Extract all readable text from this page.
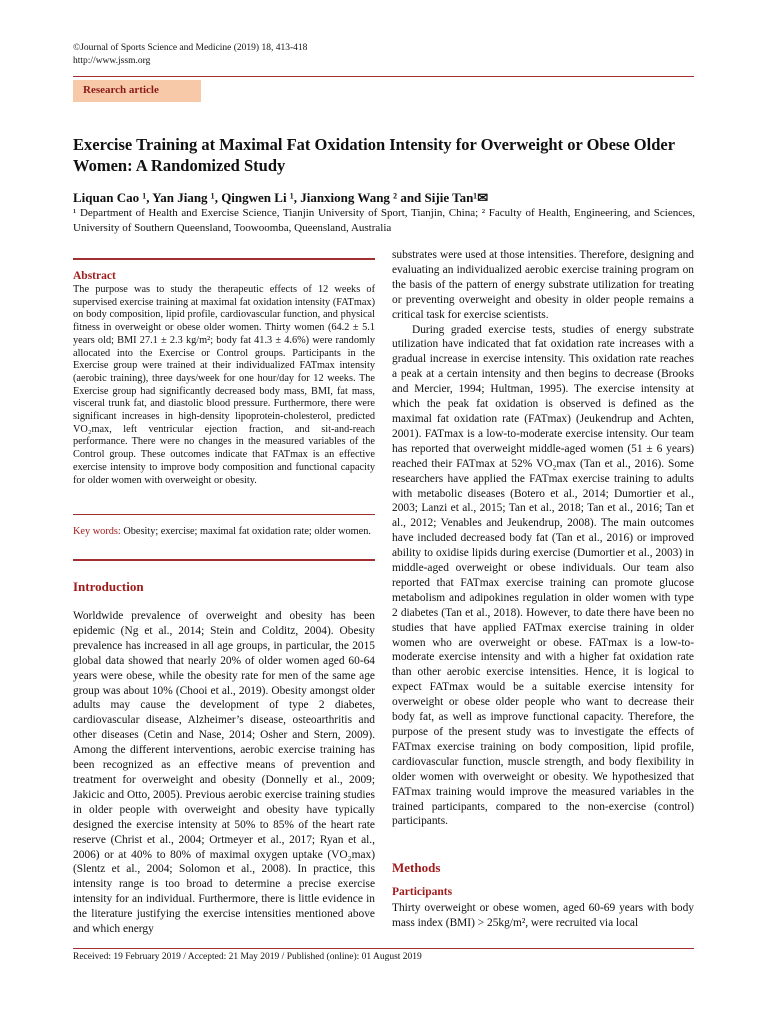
©Journal of Sports Science and Medicine (2019) 18, 413-418
http://www.jssm.org
Research article
Exercise Training at Maximal Fat Oxidation Intensity for Overweight or Obese Older Women: A Randomized Study
Liquan Cao ¹, Yan Jiang ¹, Qingwen Li ¹, Jianxiong Wang ² and Sijie Tan¹✉
¹ Department of Health and Exercise Science, Tianjin University of Sport, Tianjin, China; ² Faculty of Health, Engineering, and Sciences, University of Southern Queensland, Toowoomba, Queensland, Australia
Abstract
The purpose was to study the therapeutic effects of 12 weeks of supervised exercise training at maximal fat oxidation intensity (FATmax) on body composition, lipid profile, cardiovascular function, and physical fitness in overweight or obese older women. Thirty women (64.2 ± 5.1 years old; BMI 27.1 ± 2.3 kg/m²; body fat 41.3 ± 4.6%) were randomly allocated into the Exercise or Control groups. Participants in the Exercise group were trained at their individualized FATmax intensity (aerobic training), three days/week for one hour/day for 12 weeks. The Exercise group had significantly decreased body mass, BMI, fat mass, visceral trunk fat, and diastolic blood pressure. Furthermore, there were significant increases in high-density lipoprotein-cholesterol, predicted VO₂max, left ventricular ejection fraction, and sit-and-reach performance. There were no changes in the measured variables of the Control group. These outcomes indicate that FATmax is an effective exercise intensity to improve body composition and functional capacity for older women with overweight or obesity.
Key words: Obesity; exercise; maximal fat oxidation rate; older women.
Introduction

Worldwide prevalence of overweight and obesity has been epidemic (Ng et al., 2014; Stein and Colditz, 2004). Obesity prevalence has increased in all age groups, in particular, the 2015 global data showed that nearly 20% of older women aged 60-64 years were obese, while the obesity rate for men of the same age group was about 10% (Chooi et al., 2019). Obesity amongst older adults may cause the development of type 2 diabetes, cardiovascular disease, Alzheimer’s disease, osteoarthritis and other diseases (Cetin and Nase, 2014; Osher and Stern, 2009). Among the different interventions, aerobic exercise training has been recognized as an effective means of prevention and treatment for overweight and obesity (Donnelly et al., 2009; Jakicic and Otto, 2005). Previous aerobic exercise training studies in older people with overweight and obesity have typically designed the exercise intensity at 50% to 85% of the heart rate reserve (Christ et al., 2004; Ortmeyer et al., 2017; Ryan et al., 2006) or at 40% to 80% of maximal oxygen uptake (VO₂max) (Slentz et al., 2004; Solomon et al., 2008). In practice, this intensity range is too broad to determine a precise exercise intensity for an individual. Furthermore, there is little evidence in the literature justifying the exercise intensities mentioned above and which energy

substrates were used at those intensities. Therefore, designing and evaluating an individualized aerobic exercise training program on the basis of the pattern of energy substrate utilization for treating or preventing overweight and obesity in older people remains a critical task for exercise scientists.

During graded exercise tests, studies of energy substrate utilization have indicated that fat oxidation rate increases with a gradual increase in exercise intensity. This oxidation rate reaches a peak at a certain intensity and then begins to decrease (Brooks and Mercier, 1994; Hultman, 1995). The exercise intensity at which the peak fat oxidation is observed is defined as the maximal fat oxidation rate (FATmax) (Jeukendrup and Achten, 2001). FATmax is a low-to-moderate exercise intensity. Our team has reported that overweight middle-aged women (51 ± 6 years) reached their FATmax at 52% VO₂max (Tan et al., 2016). Some researchers have applied the FATmax exercise training to adults with metabolic diseases (Botero et al., 2014; Dumortier et al., 2003; Lanzi et al., 2015; Tan et al., 2018; Tan et al., 2016; Tan et al., 2012; Venables and Jeukendrup, 2008). The main outcomes have included decreased body fat (Tan et al., 2016) or improved ability to oxidise lipids during exercise (Dumortier et al., 2003) in middle-aged overweight or obese individuals. Our team also reported that FATmax exercise training can promote glucose metabolism and adipokines regulation in older women with type 2 diabetes (Tan et al., 2018). However, to date there have been no studies that have applied FATmax exercise training in older women who are overweight or obese. FATmax is a low-to-moderate exercise intensity and with a higher fat oxidation rate than other aerobic exercise intensities. Hence, it is logical to expect FATmax would be a suitable exercise intensity for overweight or obese older people who want to decrease their body fat, as well as improve functional capacity. Therefore, the purpose of the present study was to investigate the effects of FATmax exercise training on body composition, lipid profile, cardiovascular function, muscle strength, and body flexibility in older women with overweight or obesity. We hypothesized that FATmax training would improve the measured variables in the trained participants, compared to the non-exercise (control) participants.

Methods
Participants
Thirty overweight or obese women, aged 60-69 years with body mass index (BMI) > 25kg/m², were recruited via local
Received: 19 February 2019 / Accepted: 21 May 2019 / Published (online): 01 August 2019
